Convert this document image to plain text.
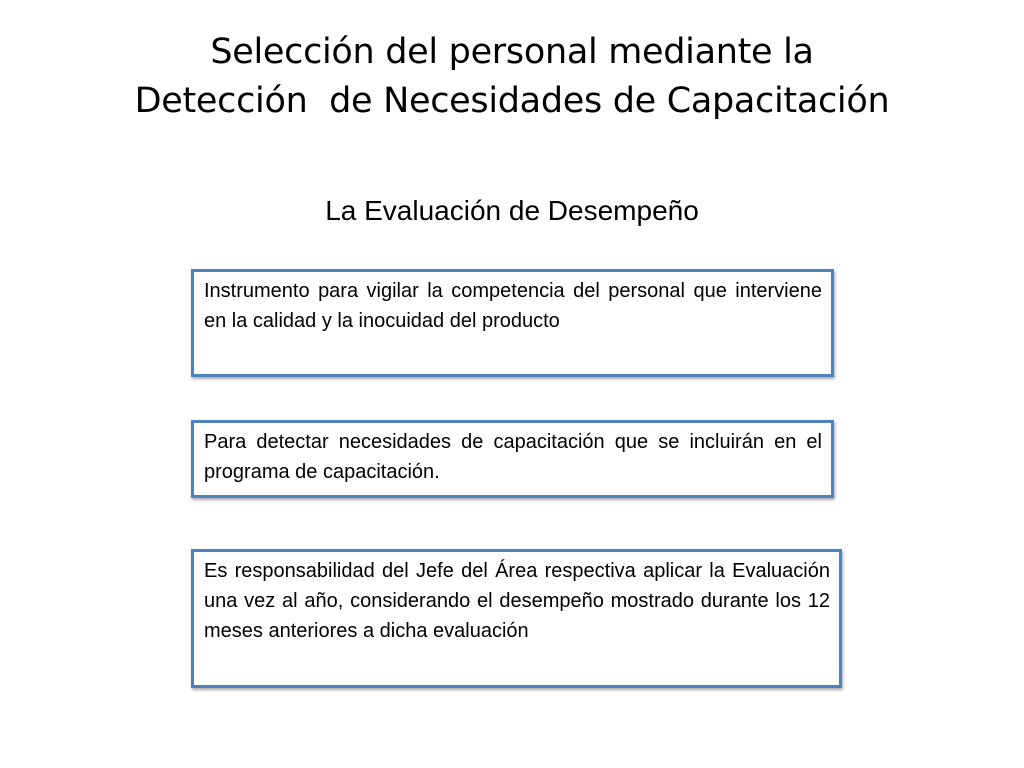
Selección del personal mediante la
Detección  de Necesidades de Capacitación
La Evaluación de Desempeño
Instrumento para vigilar la competencia del personal que interviene en la calidad y la inocuidad del producto
Para detectar necesidades de capacitación que se incluirán en el programa de capacitación.
Es responsabilidad del Jefe del Área respectiva aplicar la Evaluación una vez al año, considerando el desempeño mostrado durante los 12 meses anteriores a dicha evaluación
